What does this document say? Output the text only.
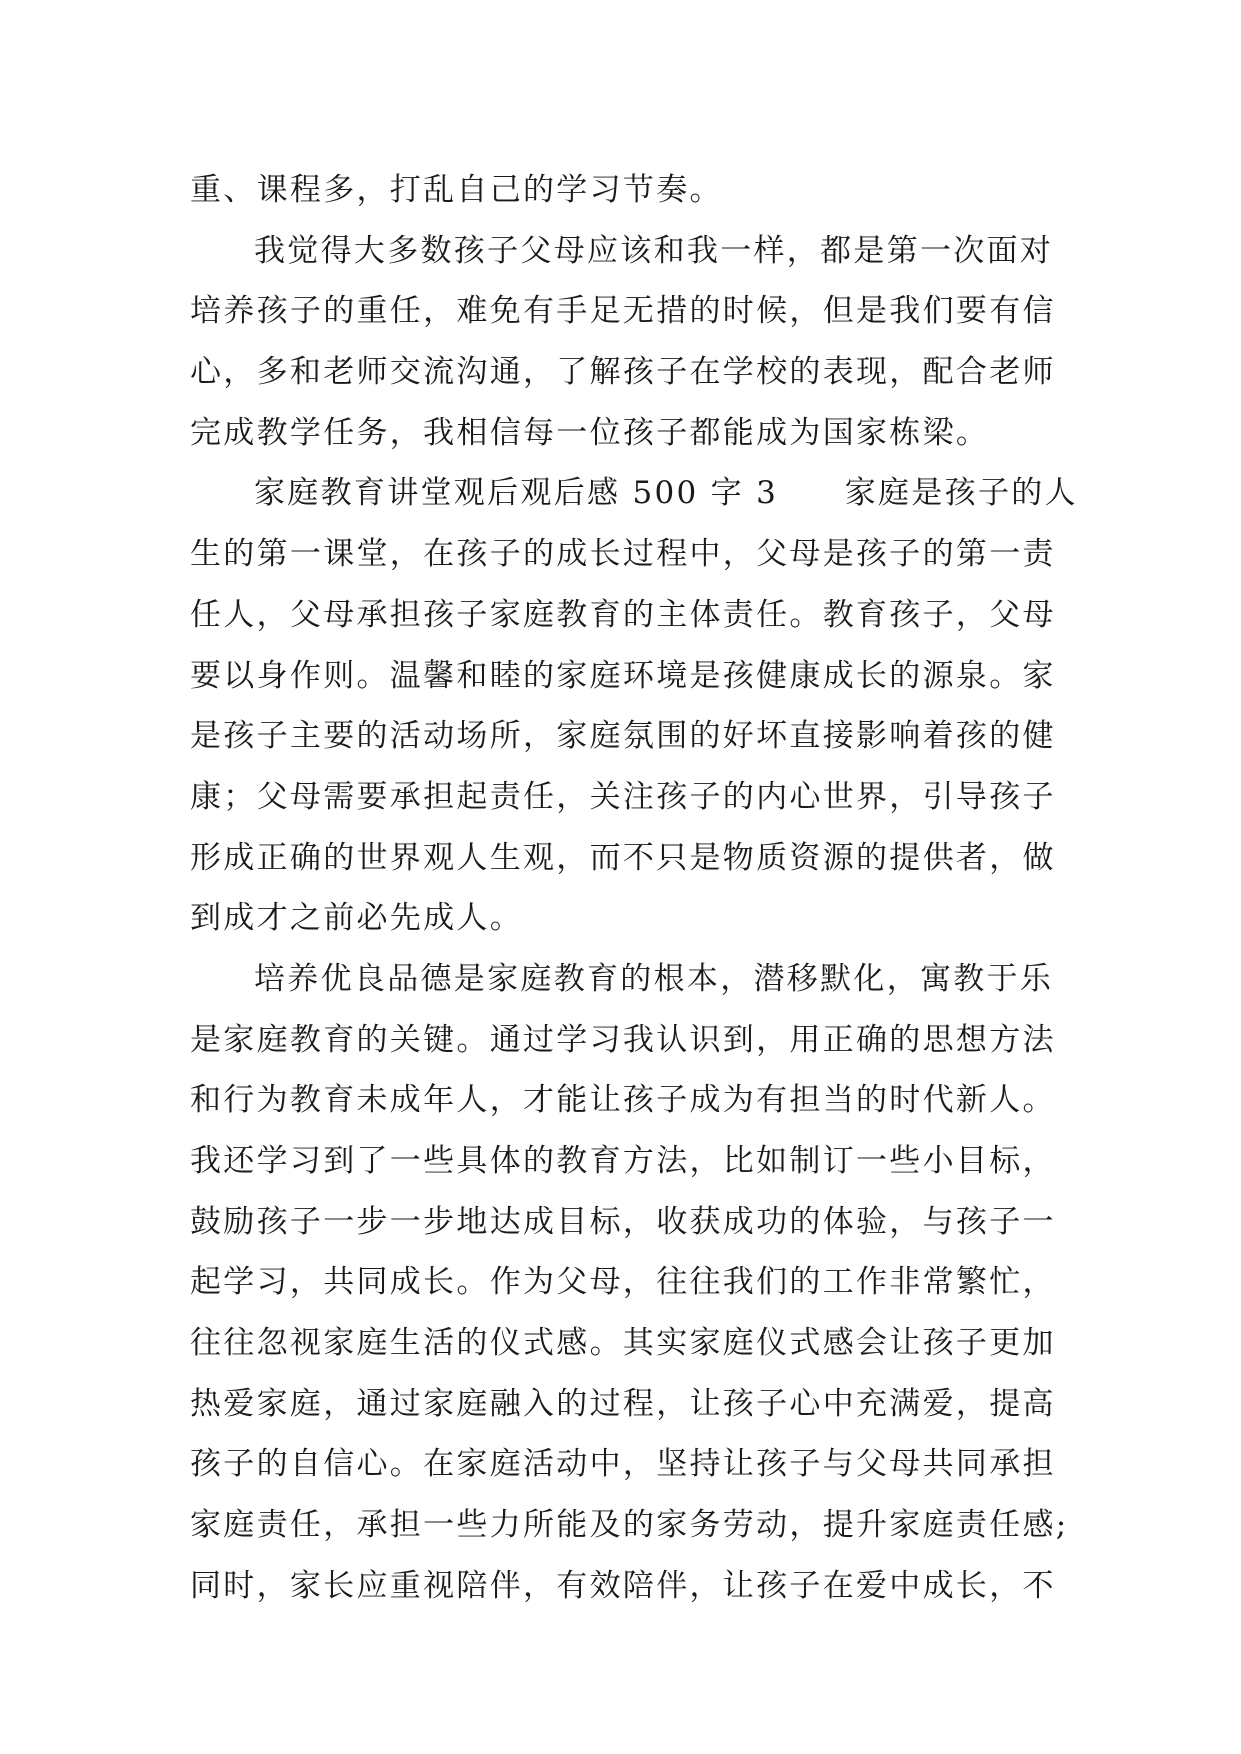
重、课程多，打乱自己的学习节奏。
我觉得大多数孩子父母应该和我一样，都是第一次面对
培养孩子的重任，难免有手足无措的时候，但是我们要有信
心，多和老师交流沟通，了解孩子在学校的表现，配合老师
完成教学任务，我相信每一位孩子都能成为国家栋梁。
家庭教育讲堂观后观后感 500 字 3　　家庭是孩子的人
生的第一课堂，在孩子的成长过程中，父母是孩子的第一责
任人，父母承担孩子家庭教育的主体责任。教育孩子，父母
要以身作则。温馨和睦的家庭环境是孩健康成长的源泉。家
是孩子主要的活动场所，家庭氛围的好坏直接影响着孩的健
康；父母需要承担起责任，关注孩子的内心世界，引导孩子
形成正确的世界观人生观，而不只是物质资源的提供者，做
到成才之前必先成人。
培养优良品德是家庭教育的根本，潜移默化，寓教于乐
是家庭教育的关键。通过学习我认识到，用正确的思想方法
和行为教育未成年人，才能让孩子成为有担当的时代新人。
我还学习到了一些具体的教育方法，比如制订一些小目标，
鼓励孩子一步一步地达成目标，收获成功的体验，与孩子一
起学习，共同成长。作为父母，往往我们的工作非常繁忙，
往往忽视家庭生活的仪式感。其实家庭仪式感会让孩子更加
热爱家庭，通过家庭融入的过程，让孩子心中充满爱，提高
孩子的自信心。在家庭活动中，坚持让孩子与父母共同承担
家庭责任，承担一些力所能及的家务劳动，提升家庭责任感;
同时，家长应重视陪伴，有效陪伴，让孩子在爱中成长，不
